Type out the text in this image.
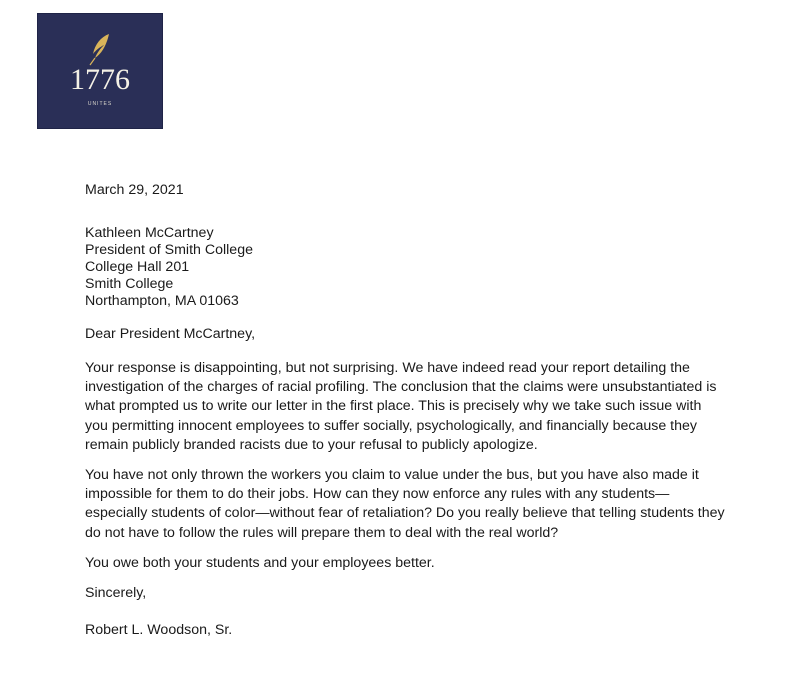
1776
UNITES
March 29, 2021
Kathleen McCartney
President of Smith College
College Hall 201
Smith College
Northampton, MA 01063
Dear President McCartney,
Your response is disappointing, but not surprising. We have indeed read your report detailing the investigation of the charges of racial profiling. The conclusion that the claims were unsubstantiated is what prompted us to write our letter in the first place. This is precisely why we take such issue with you permitting innocent employees to suffer socially, psychologically, and financially because they remain publicly branded racists due to your refusal to publicly apologize.
You have not only thrown the workers you claim to value under the bus, but you have also made it impossible for them to do their jobs. How can they now enforce any rules with any students—especially students of color—without fear of retaliation? Do you really believe that telling students they do not have to follow the rules will prepare them to deal with the real world?
You owe both your students and your employees better.
Sincerely,
Robert L. Woodson, Sr.
